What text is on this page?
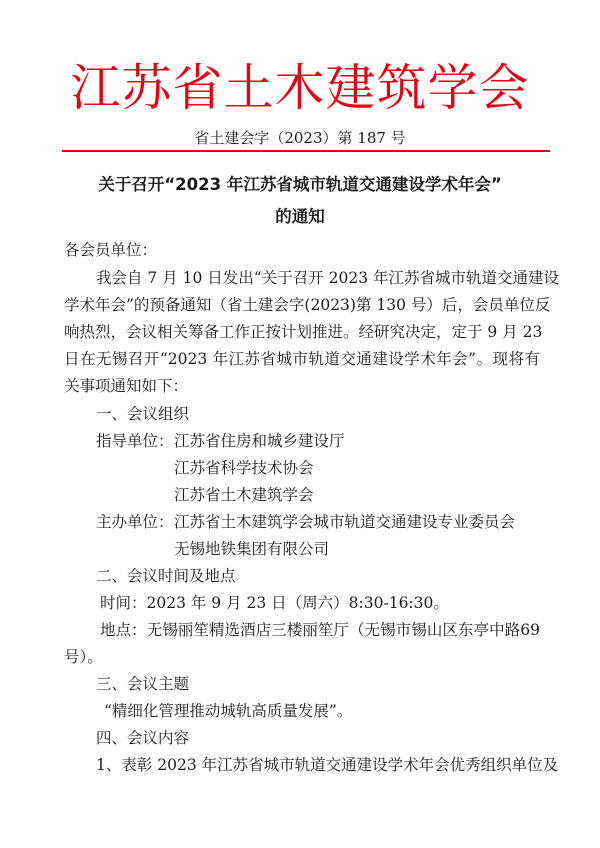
江苏省土木建筑学会
省土建会字（2023）第 187 号
关于召开“2023 年江苏省城市轨道交通建设学术年会”
的通知
各会员单位：
我会自 7 月 10 日发出“关于召开 2023 年江苏省城市轨道交通建设
学术年会”的预备通知（省土建会字(2023)第 130 号）后，会员单位反
响热烈，会议相关筹备工作正按计划推进。经研究决定，定于 9 月 23
日在无锡召开“2023 年江苏省城市轨道交通建设学术年会”。现将有
关事项通知如下：
一、会议组织
指导单位： 江苏省住房和城乡建设厅
江苏省科学技术协会
江苏省土木建筑学会
主办单位： 江苏省土木建筑学会城市轨道交通建设专业委员会
无锡地铁集团有限公司
二、会议时间及地点
时间：2023 年 9 月 23 日（周六）8:30-16:30。
地点：无锡丽笙精选酒店三楼丽笙厅（无锡市锡山区东亭中路69
号）。
三、会议主题
“精细化管理推动城轨高质量发展”。
四、会议内容
1、表彰 2023 年江苏省城市轨道交通建设学术年会优秀组织单位及
